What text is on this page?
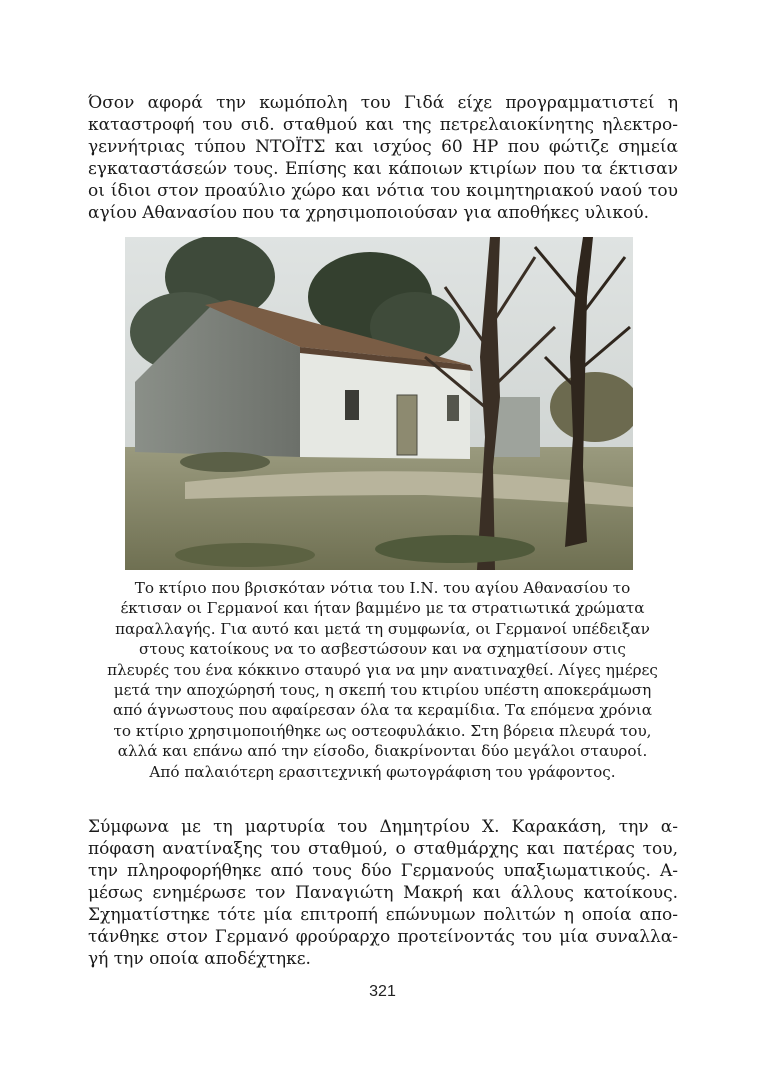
Όσον αφορά την κωμόπολη του Γιδά είχε προγραμματιστεί η
καταστροφή του σιδ. σταθμού και της πετρελαιοκίνητης ηλεκτρο-
γεννήτριας τύπου ΝΤΟΪΤΣ και ισχύος 60 ΗΡ που φώτιζε σημεία
εγκαταστάσεών τους. Επίσης και κάποιων κτιρίων που τα έκτισαν
οι ίδιοι στον προαύλιο χώρο και νότια του κοιμητηριακού ναού του
αγίου Αθανασίου που τα χρησιμοποιούσαν για αποθήκες υλικού.

Το κτίριο που βρισκόταν νότια του Ι.Ν. του αγίου Αθανασίου το
έκτισαν οι Γερμανοί και ήταν βαμμένο με τα στρατιωτικά χρώματα
παραλλαγής. Για αυτό και μετά τη συμφωνία, οι Γερμανοί υπέδειξαν
στους κατοίκους να το ασβεστώσουν και να σχηματίσουν στις
πλευρές του ένα κόκκινο σταυρό για να μην ανατιναχθεί. Λίγες ημέρες
μετά την αποχώρησή τους, η σκεπή του κτιρίου υπέστη αποκεράμωση
από άγνωστους που αφαίρεσαν όλα τα κεραμίδια. Τα επόμενα χρόνια
το κτίριο χρησιμοποιήθηκε ως οστεοφυλάκιο. Στη βόρεια πλευρά του,
αλλά και επάνω από την είσοδο, διακρίνονται δύο μεγάλοι σταυροί.
Από παλαιότερη ερασιτεχνική φωτογράφιση του γράφοντος.

Σύμφωνα με τη μαρτυρία του Δημητρίου Χ. Καρακάση, την α-
πόφαση ανατίναξης του σταθμού, ο σταθμάρχης και πατέρας του,
την πληροφορήθηκε από τους δύο Γερμανούς υπαξιωματικούς. Α-
μέσως ενημέρωσε τον Παναγιώτη Μακρή και άλλους κατοίκους.
Σχηματίστηκε τότε μία επιτροπή επώνυμων πολιτών η οποία απο-
τάνθηκε στον Γερμανό φρούραρχο προτείνοντάς του μία συναλλα-
γή την οποία αποδέχτηκε.

321
